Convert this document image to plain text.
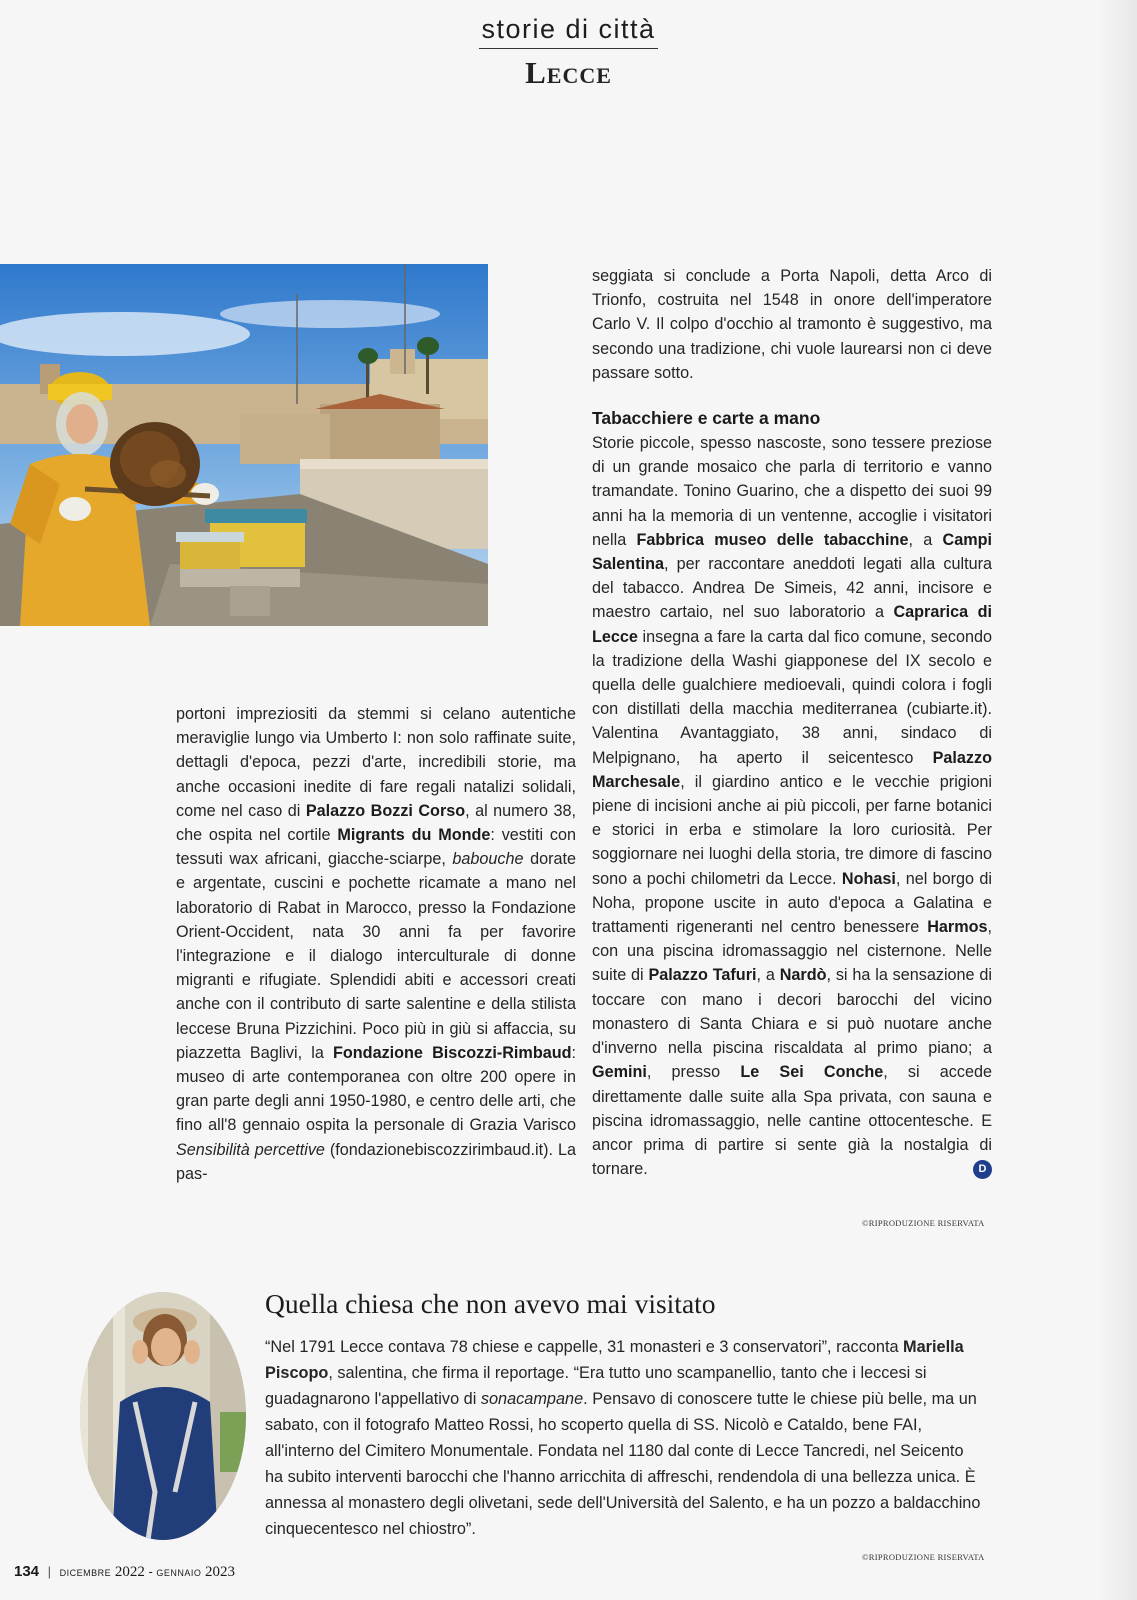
storie di città
Lecce

portoni impreziositi da stemmi si celano autentiche meraviglie lungo via Umberto I: non solo raffinate suite, dettagli d'epoca, pezzi d'arte, incredibili storie, ma anche occasioni inedite di fare regali natalizi solidali, come nel caso di Palazzo Bozzi Corso, al numero 38, che ospita nel cortile Migrants du Monde: vestiti con tessuti wax africani, giacche-sciarpe, babouche dorate e argentate, cuscini e pochette ricamate a mano nel laboratorio di Rabat in Marocco, presso la Fondazione Orient-Occident, nata 30 anni fa per favorire l'integrazione e il dialogo interculturale di donne migranti e rifugiate. Splendidi abiti e accessori creati anche con il contributo di sarte salentine e della stilista leccese Bruna Pizzichini. Poco più in giù si affaccia, su piazzetta Baglivi, la Fondazione Biscozzi-Rimbaud: museo di arte contemporanea con oltre 200 opere in gran parte degli anni 1950-1980, e centro delle arti, che fino all'8 gennaio ospita la personale di Grazia Varisco Sensibilità percettive (fondazionebiscozzirimbaud.it). La pas-

seggiata si conclude a Porta Napoli, detta Arco di Trionfo, costruita nel 1548 in onore dell'imperatore Carlo V. Il colpo d'occhio al tramonto è suggestivo, ma secondo una tradizione, chi vuole laurearsi non ci deve passare sotto.

Tabacchiere e carte a mano

Storie piccole, spesso nascoste, sono tessere preziose di un grande mosaico che parla di territorio e vanno tramandate. Tonino Guarino, che a dispetto dei suoi 99 anni ha la memoria di un ventenne, accoglie i visitatori nella Fabbrica museo delle tabacchine, a Campi Salentina, per raccontare aneddoti legati alla cultura del tabacco. Andrea De Simeis, 42 anni, incisore e maestro cartaio, nel suo laboratorio a Caprarica di Lecce insegna a fare la carta dal fico comune, secondo la tradizione della Washi giapponese del IX secolo e quella delle gualchiere medioevali, quindi colora i fogli con distillati della macchia mediterranea (cubiarte.it). Valentina Avantaggiato, 38 anni, sindaco di Melpignano, ha aperto il seicentesco Palazzo Marchesale, il giardino antico e le vecchie prigioni piene di incisioni anche ai più piccoli, per farne botanici e storici in erba e stimolare la loro curiosità. Per soggiornare nei luoghi della storia, tre dimore di fascino sono a pochi chilometri da Lecce. Nohasi, nel borgo di Noha, propone uscite in auto d'epoca a Galatina e trattamenti rigeneranti nel centro benessere Harmos, con una piscina idromassaggio nel cisternone. Nelle suite di Palazzo Tafuri, a Nardò, si ha la sensazione di toccare con mano i decori barocchi del vicino monastero di Santa Chiara e si può nuotare anche d'inverno nella piscina riscaldata al primo piano; a Gemini, presso Le Sei Conche, si accede direttamente dalle suite alla Spa privata, con sauna e piscina idromassaggio, nelle cantine ottocentesche. E ancor prima di partire si sente già la nostalgia di tornare.	D

©RIPRODUZIONE RISERVATA
Quella chiesa che non avevo mai visitato
“Nel 1791 Lecce contava 78 chiese e cappelle, 31 monasteri e 3 conservatori”, racconta Mariella Piscopo, salentina, che firma il reportage. “Era tutto uno scampanellio, tanto che i leccesi si guadagnarono l'appellativo di sonacampane. Pensavo di conoscere tutte le chiese più belle, ma un sabato, con il fotografo Matteo Rossi, ho scoperto quella di SS. Nicolò e Cataldo, bene FAI, all'interno del Cimitero Monumentale. Fondata nel 1180 dal conte di Lecce Tancredi, nel Seicento ha subito interventi barocchi che l'hanno arricchita di affreschi, rendendola di una bellezza unica. È annessa al monastero degli olivetani, sede dell'Università del Salento, e ha un pozzo a baldacchino cinquecentesco nel chiostro”.
©RIPRODUZIONE RISERVATA
134 | dicembre 2022 - gennaio 2023
